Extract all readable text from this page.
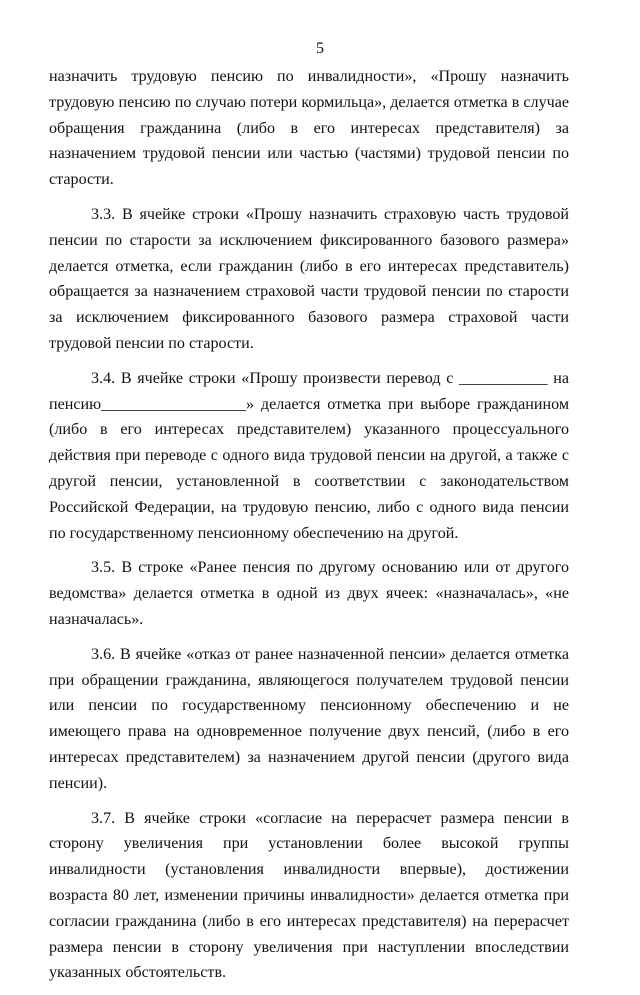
5

назначить трудовую пенсию по инвалидности», «Прошу назначить трудовую пенсию по случаю потери кормильца», делается отметка в случае обращения гражданина (либо в его интересах представителя) за назначением трудовой пенсии или частью (частями) трудовой пенсии по старости.

3.3. В ячейке строки «Прошу назначить страховую часть трудовой пенсии по старости за исключением фиксированного базового размера» делается отметка, если гражданин (либо в его интересах представитель) обращается за назначением страховой части трудовой пенсии по старости за исключением фиксированного базового размера страховой части трудовой пенсии по старости.

3.4. В ячейке строки «Прошу произвести перевод с ___________ на пенсию__________________» делается отметка при выборе гражданином (либо в его интересах представителем) указанного процессуального действия при переводе с одного вида трудовой пенсии на другой, а также с другой пенсии, установленной в соответствии с законодательством Российской Федерации, на трудовую пенсию, либо с одного вида пенсии по государственному пенсионному обеспечению на другой.

3.5. В строке «Ранее пенсия по другому основанию или от другого ведомства» делается отметка в одной из двух ячеек: «назначалась», «не назначалась».

3.6. В ячейке «отказ от ранее назначенной пенсии» делается отметка при обращении гражданина, являющегося получателем трудовой пенсии или пенсии по государственному пенсионному обеспечению и не имеющего права на одновременное получение двух пенсий, (либо в его интересах представителем) за назначением другой пенсии (другого вида пенсии).

3.7. В ячейке строки «согласие на перерасчет размера пенсии в сторону увеличения при установлении более высокой группы инвалидности (установления инвалидности впервые), достижении возраста 80 лет, изменении причины инвалидности» делается отметка при согласии гражданина (либо в его интересах представителя) на перерасчет размера пенсии в сторону увеличения при наступлении впоследствии указанных обстоятельств.
